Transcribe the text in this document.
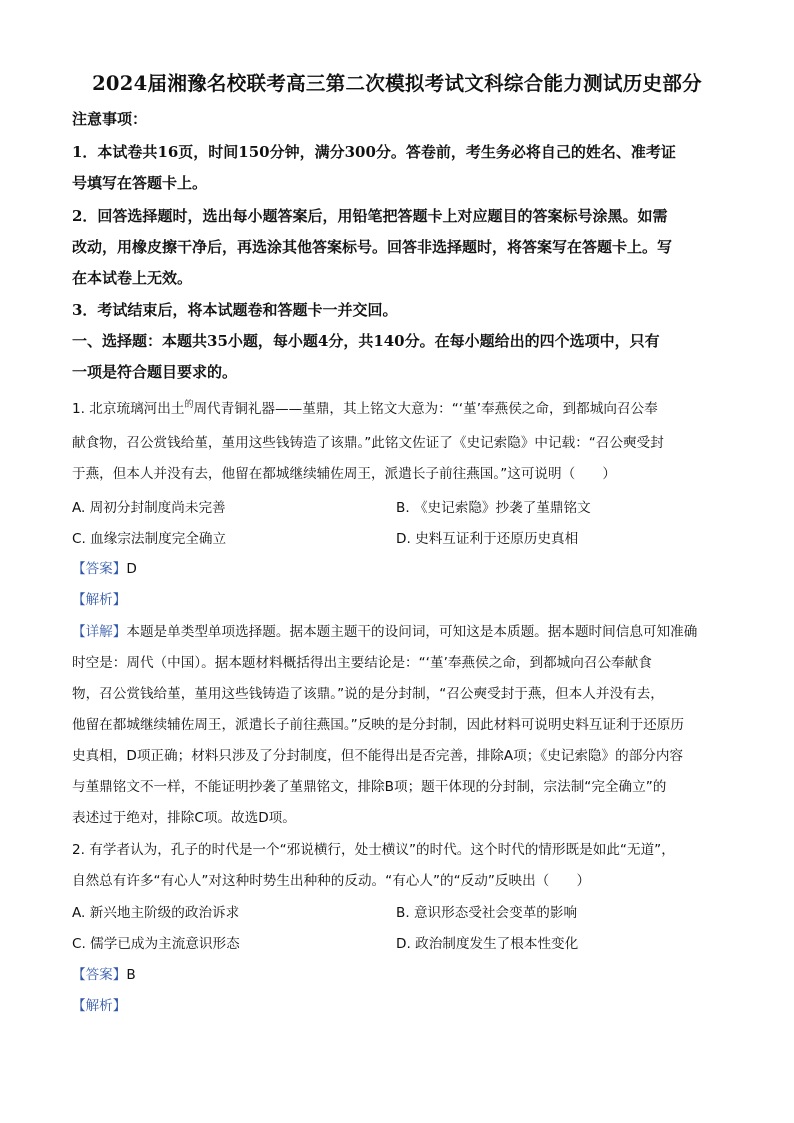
2024届湘豫名校联考高三第二次模拟考试文科综合能力测试历史部分
注意事项：
1．本试卷共16页，时间150分钟，满分300分。答卷前，考生务必将自己的姓名、准考证
号填写在答题卡上。
2．回答选择题时，选出每小题答案后，用铅笔把答题卡上对应题目的答案标号涂黑。如需
改动，用橡皮擦干净后，再选涂其他答案标号。回答非选择题时，将答案写在答题卡上。写
在本试卷上无效。
3．考试结束后，将本试题卷和答题卡一并交回。
一、选择题：本题共35小题，每小题4分，共140分。在每小题给出的四个选项中，只有
一项是符合题目要求的。
1. 北京琉璃河出土$^的$周代青铜礼器——堇鼎，其上铭文大意为：“‘堇’奉燕侯之命，到都城向召公奉
献食物，召公赏钱给堇，堇用这些钱铸造了该鼎。”此铭文佐证了《史记索隐》中记载：“召公奭受封
于燕，但本人并没有去，他留在都城继续辅佐周王，派遣长子前往燕国。”这可说明（　　）
A. 周初分封制度尚未完善	B. 《史记索隐》抄袭了堇鼎铭文
C. 血缘宗法制度完全确立	D. 史料互证利于还原历史真相
【答案】D
【解析】
【详解】本题是单类型单项选择题。据本题主题干的设问词，可知这是本质题。据本题时间信息可知准确
时空是：周代（中国）。据本题材料概括得出主要结论是：“‘堇’奉燕侯之命，到都城向召公奉献食
物，召公赏钱给堇，堇用这些钱铸造了该鼎。”说的是分封制，“召公奭受封于燕，但本人并没有去，
他留在都城继续辅佐周王，派遣长子前往燕国。”反映的是分封制，因此材料可说明史料互证利于还原历
史真相，D项正确；材料只涉及了分封制度，但不能得出是否完善，排除A项；《史记索隐》的部分内容
与堇鼎铭文不一样，不能证明抄袭了堇鼎铭文，排除B项；题干体现的分封制，宗法制“完全确立”的
表述过于绝对，排除C项。故选D项。
2. 有学者认为，孔子的时代是一个“邪说横行，处士横议”的时代。这个时代的情形既是如此“无道”，
自然总有许多“有心人”对这种时势生出种种的反动。“有心人”的“反动”反映出（　　）
A. 新兴地主阶级的政治诉求	B. 意识形态受社会变革的影响
C. 儒学已成为主流意识形态	D. 政治制度发生了根本性变化
【答案】B
【解析】
